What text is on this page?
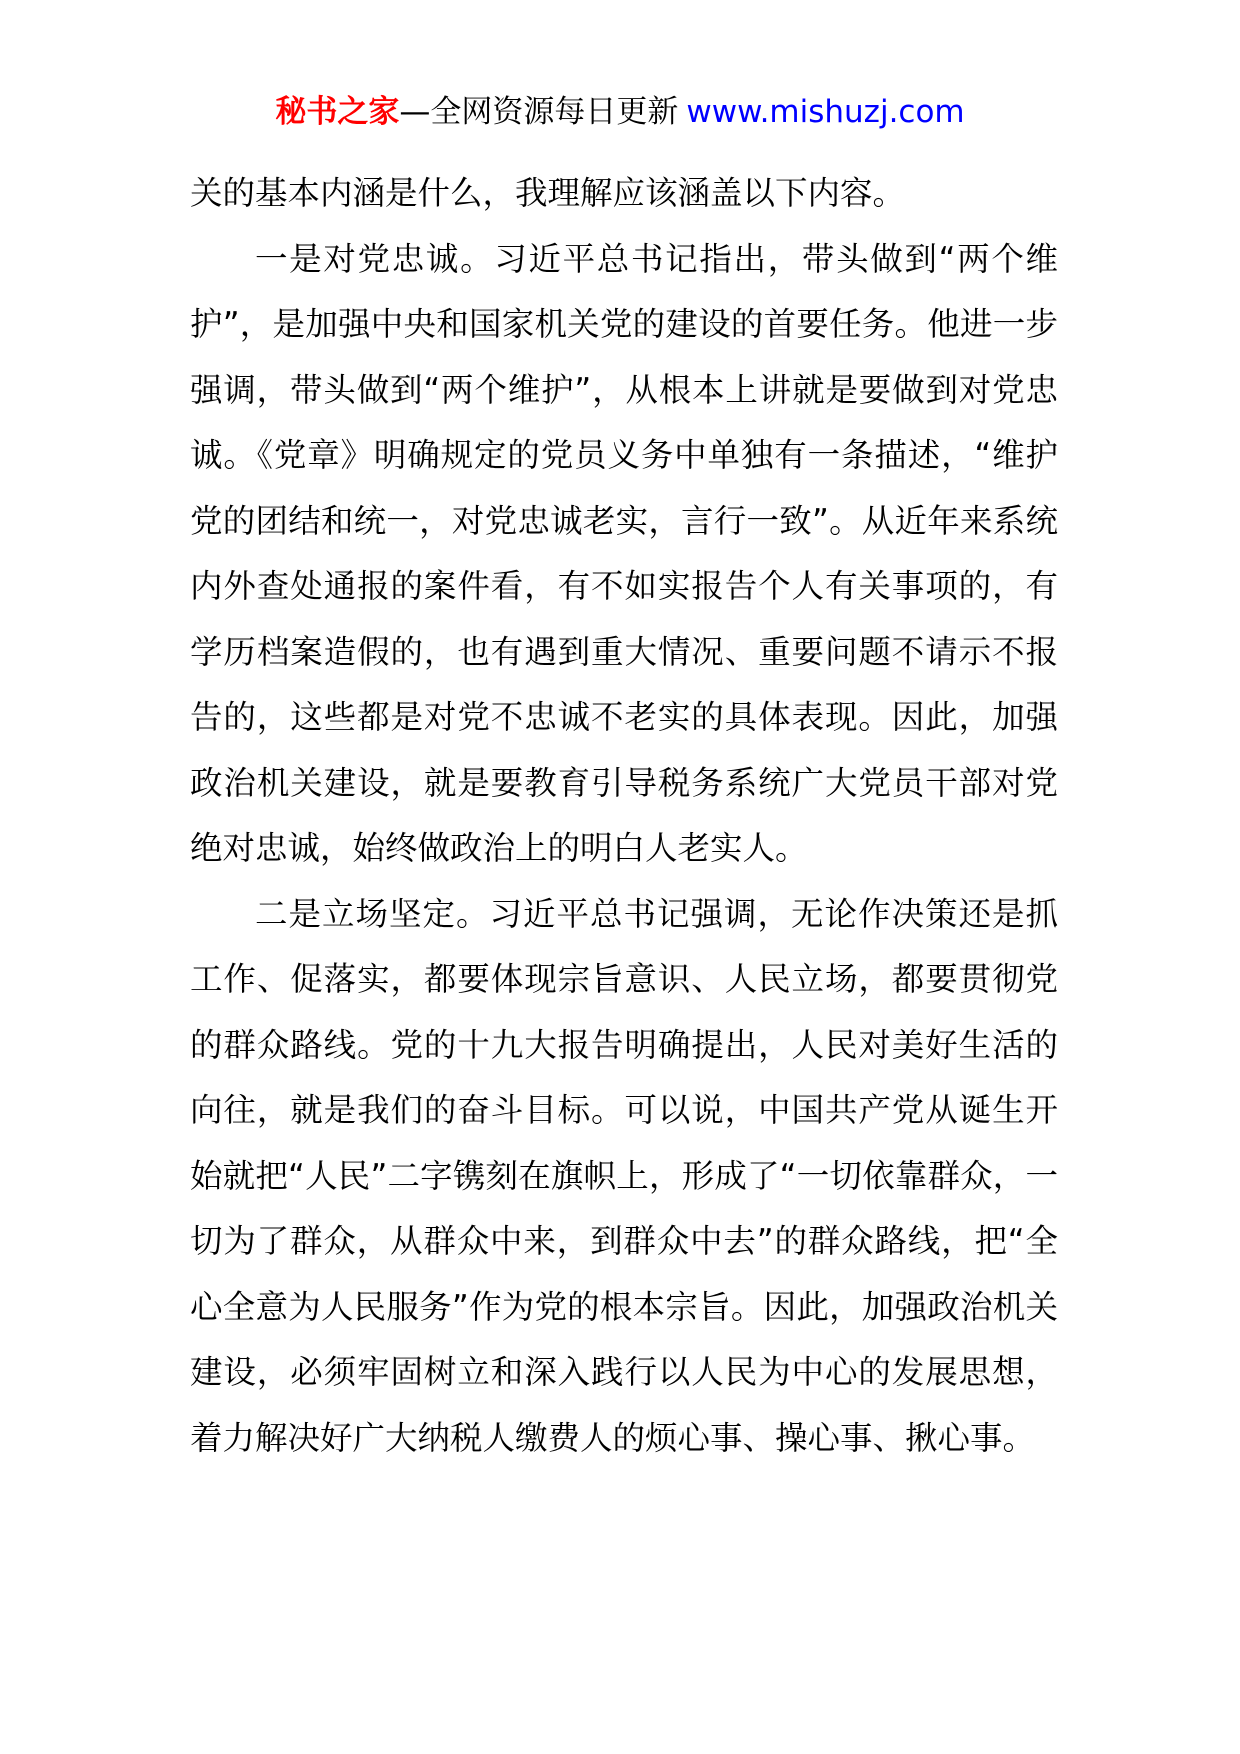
秘书之家—全网资源每日更新 www.mishuzj.com

关的基本内涵是什么，我理解应该涵盖以下内容。

一是对党忠诚。习近平总书记指出，带头做到“两个维护”，是加强中央和国家机关党的建设的首要任务。他进一步强调，带头做到“两个维护”，从根本上讲就是要做到对党忠诚。《党章》明确规定的党员义务中单独有一条描述，“维护党的团结和统一，对党忠诚老实，言行一致”。从近年来系统内外查处通报的案件看，有不如实报告个人有关事项的，有学历档案造假的，也有遇到重大情况、重要问题不请示不报告的，这些都是对党不忠诚不老实的具体表现。因此，加强政治机关建设，就是要教育引导税务系统广大党员干部对党绝对忠诚，始终做政治上的明白人老实人。

二是立场坚定。习近平总书记强调，无论作决策还是抓工作、促落实，都要体现宗旨意识、人民立场，都要贯彻党的群众路线。党的十九大报告明确提出，人民对美好生活的向往，就是我们的奋斗目标。可以说，中国共产党从诞生开始就把“人民”二字镌刻在旗帜上，形成了“一切依靠群众，一切为了群众，从群众中来，到群众中去”的群众路线，把“全心全意为人民服务”作为党的根本宗旨。因此，加强政治机关建设，必须牢固树立和深入践行以人民为中心的发展思想，着力解决好广大纳税人缴费人的烦心事、操心事、揪心事。
